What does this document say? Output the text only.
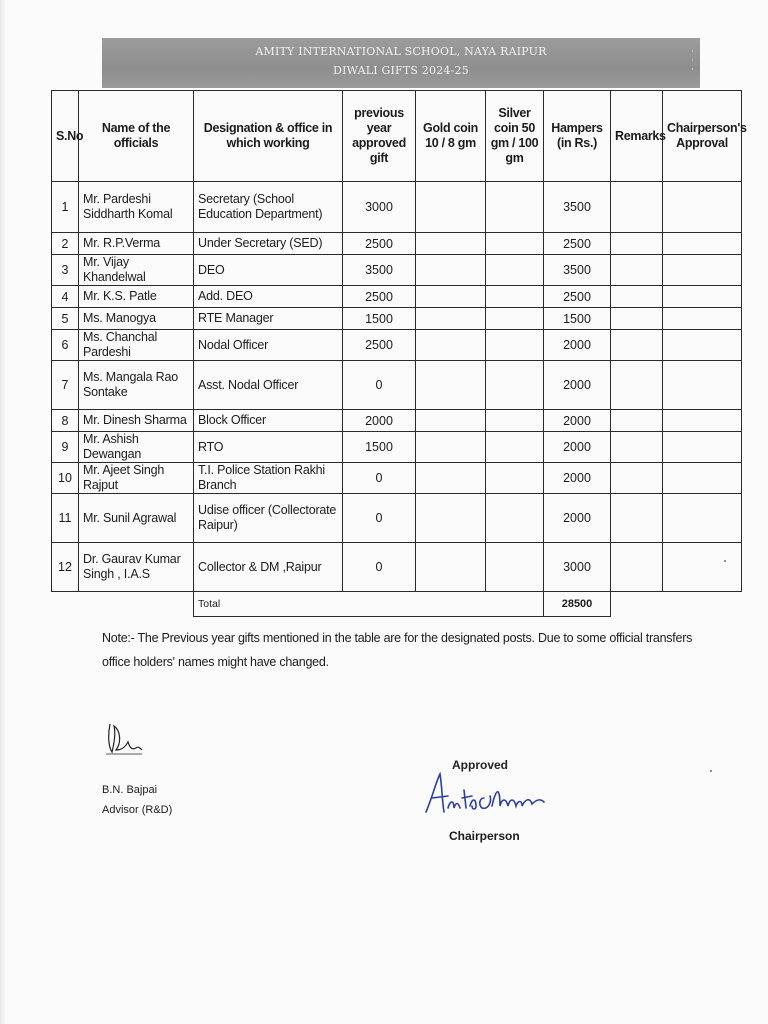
AMITY INTERNATIONAL SCHOOL, NAYA RAIPUR
DIWALI GIFTS 2024-25
·
·
·
S.No	Name of the officials	Designation & office in which working	previous year approved gift	Gold coin 10 / 8 gm	Silver coin 50 gm / 100 gm	Hampers (in Rs.)	Remarks	Chairperson's Approval
1	Mr. Pardeshi Siddharth Komal	Secretary (School Education Department)	3000			3500		
2	Mr. R.P.Verma	Under Secretary (SED)	2500			2500		
3	Mr. Vijay Khandelwal	DEO	3500			3500		
4	Mr. K.S. Patle	Add. DEO	2500			2500		
5	Ms. Manogya	RTE Manager	1500			1500		
6	Ms. Chanchal Pardeshi	Nodal Officer	2500			2000		
7	Ms. Mangala Rao Sontake	Asst. Nodal Officer	0			2000		
8	Mr. Dinesh Sharma	Block Officer	2000			2000		
9	Mr. Ashish Dewangan	RTO	1500			2000		
10	Mr. Ajeet Singh Rajput	T.I. Police Station Rakhi Branch	0			2000		
11	Mr. Sunil Agrawal	Udise officer (Collectorate Raipur)	0			2000		
12	Dr. Gaurav Kumar Singh , I.A.S	Collector & DM ,Raipur	0			3000		
		Total				28500		
Note:- The Previous year gifts mentioned in the table are for the designated posts. Due to some official transfers office holders' names might have changed.
B.N. Bajpai
Advisor (R&D)
Approved
Chairperson
